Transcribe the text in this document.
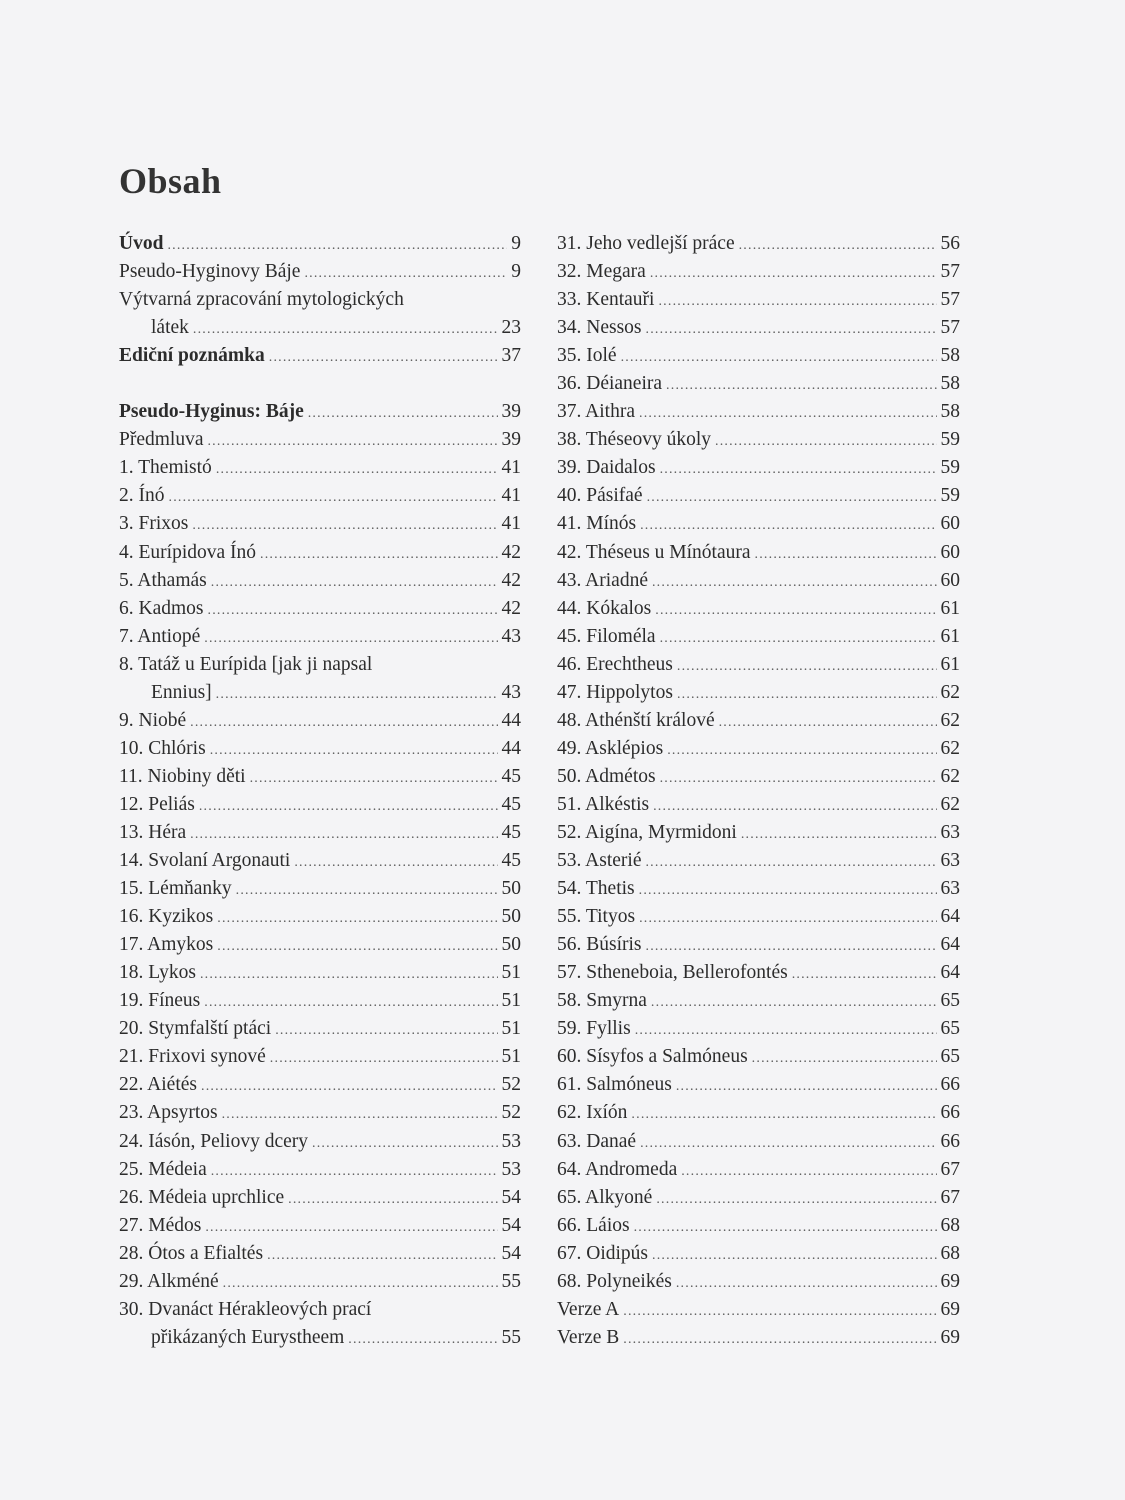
Obsah
Úvod .....	9
Pseudo-Hyginovy Báje .....	9
Výtvarná zpracování mytologických
látek .....	23
Ediční poznámka .....	37
Pseudo-Hyginus: Báje .....	39
Předmluva .....	39
1. Themistó .....	41
2. Ínó .....	41
3. Frixos .....	41
4. Eurípidova Ínó .....	42
5. Athamás .....	42
6. Kadmos .....	42
7. Antiopé .....	43
8. Tatáž u Eurípida [jak ji napsal
Ennius] .....	43
9. Niobé .....	44
10. Chlóris .....	44
11. Niobiny děti .....	45
12. Peliás .....	45
13. Héra .....	45
14. Svolaní Argonauti .....	45
15. Lémňanky .....	50
16. Kyzikos .....	50
17. Amykos .....	50
18. Lykos .....	51
19. Fíneus .....	51
20. Stymfalští ptáci .....	51
21. Frixovi synové .....	51
22. Aiétés .....	52
23. Apsyrtos .....	52
24. Iásón, Peliovy dcery .....	53
25. Médeia .....	53
26. Médeia uprchlice .....	54
27. Médos .....	54
28. Ótos a Efialtés .....	54
29. Alkméné .....	55
30. Dvanáct Hérakleových prací
přikázaných Eurystheem .....	55
31. Jeho vedlejší práce .....	56
32. Megara .....	57
33. Kentauři .....	57
34. Nessos .....	57
35. Iolé .....	58
36. Déianeira .....	58
37. Aithra .....	58
38. Théseovy úkoly .....	59
39. Daidalos .....	59
40. Pásifaé .....	59
41. Mínós .....	60
42. Théseus u Mínótaura .....	60
43. Ariadné .....	60
44. Kókalos .....	61
45. Filoméla .....	61
46. Erechtheus .....	61
47. Hippolytos .....	62
48. Athénští králové .....	62
49. Asklépios .....	62
50. Admétos .....	62
51. Alkéstis .....	62
52. Aigína, Myrmidoni .....	63
53. Asterié .....	63
54. Thetis .....	63
55. Tityos .....	64
56. Búsíris .....	64
57. Stheneboia, Bellerofontés .....	64
58. Smyrna .....	65
59. Fyllis .....	65
60. Sísyfos a Salmóneus .....	65
61. Salmóneus .....	66
62. Ixíón .....	66
63. Danaé .....	66
64. Andromeda .....	67
65. Alkyoné .....	67
66. Láios .....	68
67. Oidipús .....	68
68. Polyneikés .....	69
Verze A .....	69
Verze B .....	69
